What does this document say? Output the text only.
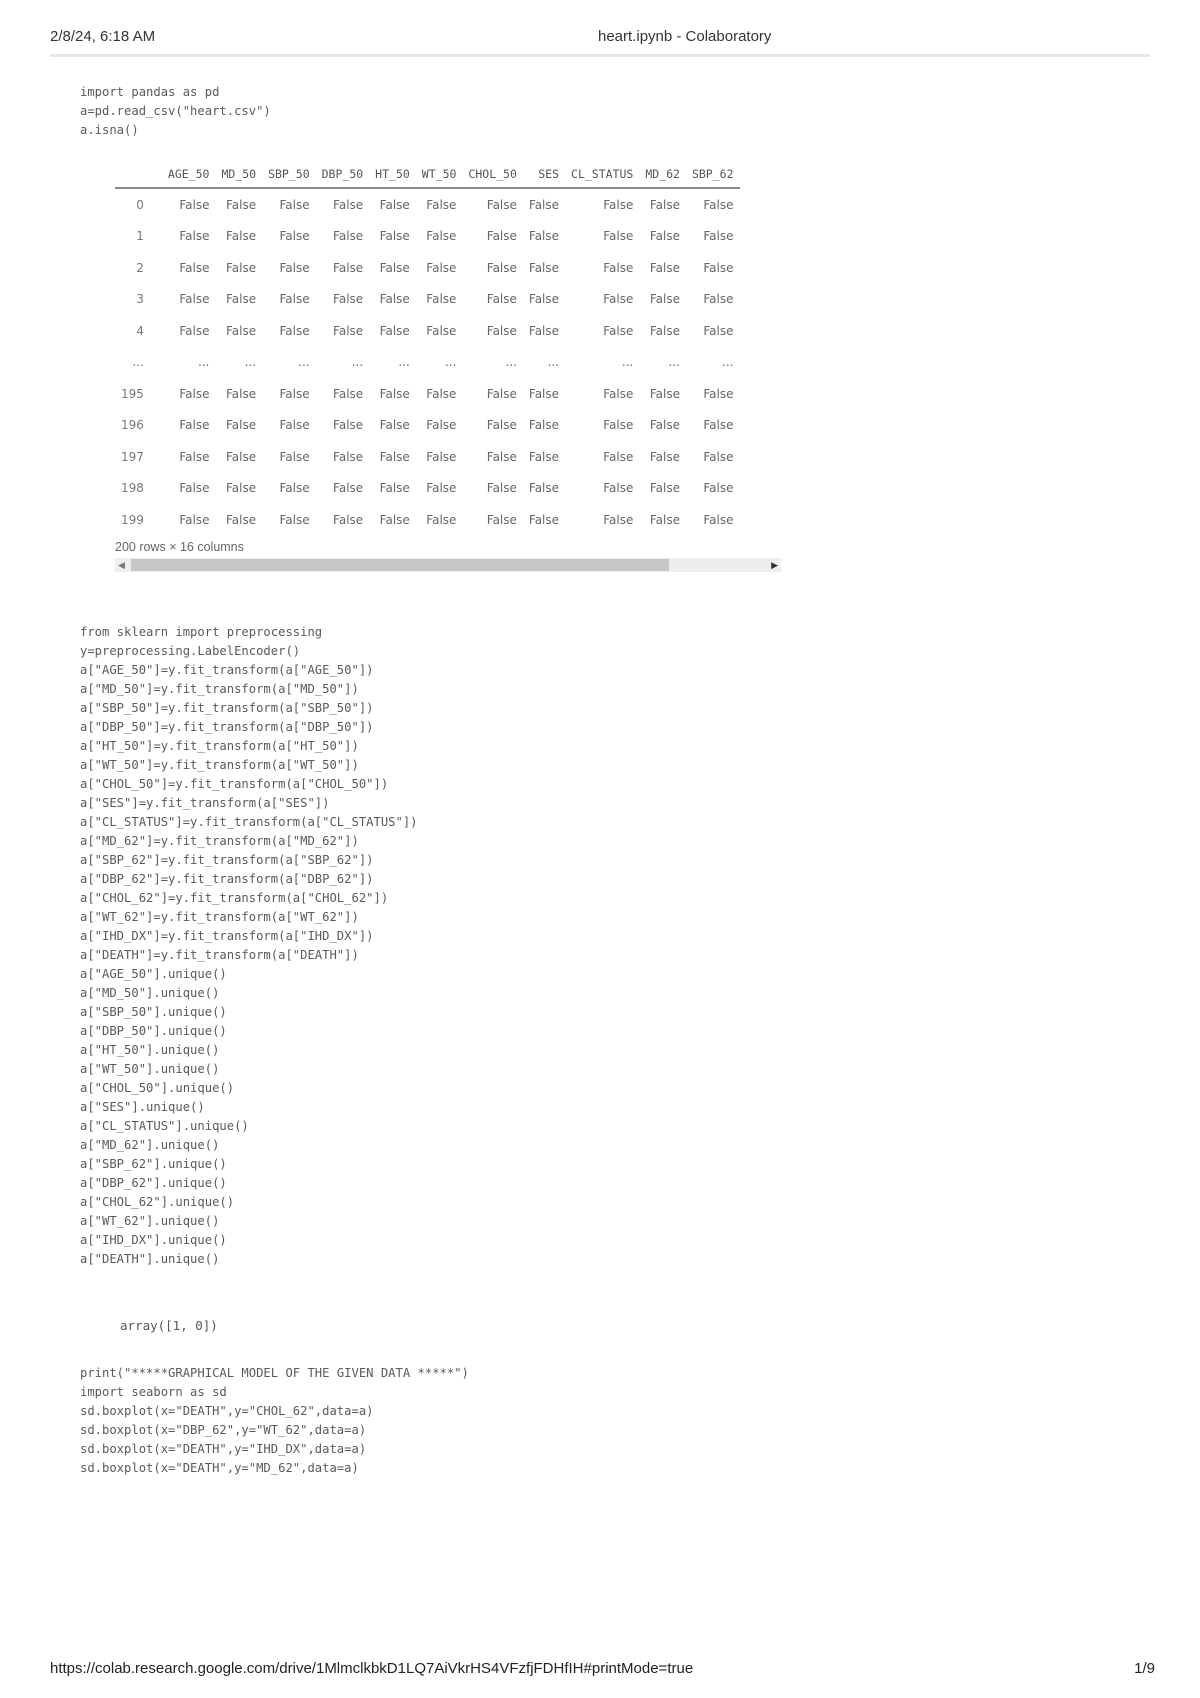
2/8/24, 6:18 AM	heart.ipynb - Colaboratory
import pandas as pd
a=pd.read_csv("heart.csv")
a.isna()
	AGE_50	MD_50	SBP_50	DBP_50	HT_50	WT_50	CHOL_50	SES	CL_STATUS	MD_62	SBP_62
0	False	False	False	False	False	False	False	False	False	False	False
1	False	False	False	False	False	False	False	False	False	False	False
2	False	False	False	False	False	False	False	False	False	False	False
3	False	False	False	False	False	False	False	False	False	False	False
4	False	False	False	False	False	False	False	False	False	False	False
...	...	...	...	...	...	...	...	...	...	...	...
195	False	False	False	False	False	False	False	False	False	False	False
196	False	False	False	False	False	False	False	False	False	False	False
197	False	False	False	False	False	False	False	False	False	False	False
198	False	False	False	False	False	False	False	False	False	False	False
199	False	False	False	False	False	False	False	False	False	False	False
200 rows × 16 columns
◀	▶
from sklearn import preprocessing
y=preprocessing.LabelEncoder()
a["AGE_50"]=y.fit_transform(a["AGE_50"])
a["MD_50"]=y.fit_transform(a["MD_50"])
a["SBP_50"]=y.fit_transform(a["SBP_50"])
a["DBP_50"]=y.fit_transform(a["DBP_50"])
a["HT_50"]=y.fit_transform(a["HT_50"])
a["WT_50"]=y.fit_transform(a["WT_50"])
a["CHOL_50"]=y.fit_transform(a["CHOL_50"])
a["SES"]=y.fit_transform(a["SES"])
a["CL_STATUS"]=y.fit_transform(a["CL_STATUS"])
a["MD_62"]=y.fit_transform(a["MD_62"])
a["SBP_62"]=y.fit_transform(a["SBP_62"])
a["DBP_62"]=y.fit_transform(a["DBP_62"])
a["CHOL_62"]=y.fit_transform(a["CHOL_62"])
a["WT_62"]=y.fit_transform(a["WT_62"])
a["IHD_DX"]=y.fit_transform(a["IHD_DX"])
a["DEATH"]=y.fit_transform(a["DEATH"])
a["AGE_50"].unique()
a["MD_50"].unique()
a["SBP_50"].unique()
a["DBP_50"].unique()
a["HT_50"].unique()
a["WT_50"].unique()
a["CHOL_50"].unique()
a["SES"].unique()
a["CL_STATUS"].unique()
a["MD_62"].unique()
a["SBP_62"].unique()
a["DBP_62"].unique()
a["CHOL_62"].unique()
a["WT_62"].unique()
a["IHD_DX"].unique()
a["DEATH"].unique()
array([1, 0])
print("*****GRAPHICAL MODEL OF THE GIVEN DATA *****")
import seaborn as sd
sd.boxplot(x="DEATH",y="CHOL_62",data=a)
sd.boxplot(x="DBP_62",y="WT_62",data=a)
sd.boxplot(x="DEATH",y="IHD_DX",data=a)
sd.boxplot(x="DEATH",y="MD_62",data=a)
https://colab.research.google.com/drive/1MlmclkbkD1LQ7AiVkrHS4VFzfjFDHfIH#printMode=true	1/9
